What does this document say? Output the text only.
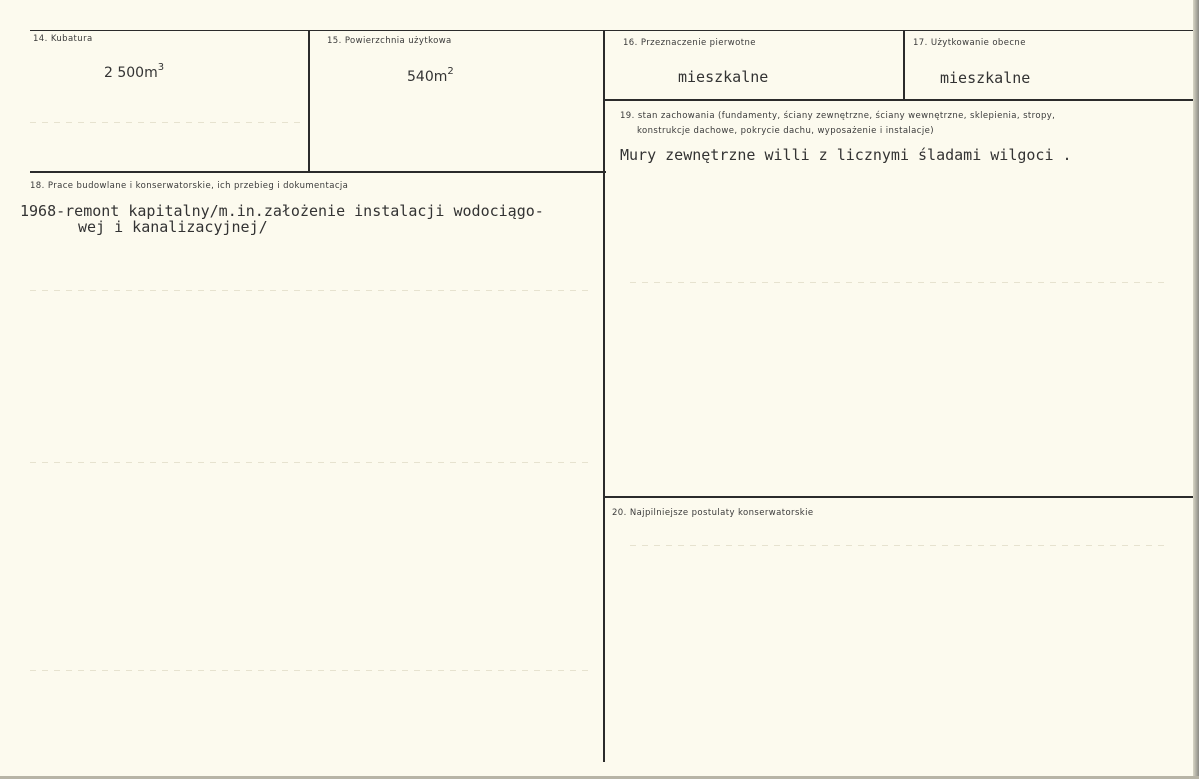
14. Kubatura
2 $500m^3$
15. Powierzchnia użytkowa
$540m^2$
16. Przeznaczenie pierwotne
mieszkalne
17. Użytkowanie obecne
mieszkalne
18. Prace budowlane i konserwatorskie, ich przebieg i dokumentacja
1968-remont kapitalny/m.in.założenie instalacji wodociągo-
wej i kanalizacyjnej/
19. stan zachowania (fundamenty, ściany zewnętrzne, ściany wewnętrzne, sklepienia, stropy,
konstrukcje dachowe, pokrycie dachu, wyposażenie i instalacje)
Mury zewnętrzne willi z licznymi śladami wilgoci .
20. Najpilniejsze postulaty konserwatorskie
